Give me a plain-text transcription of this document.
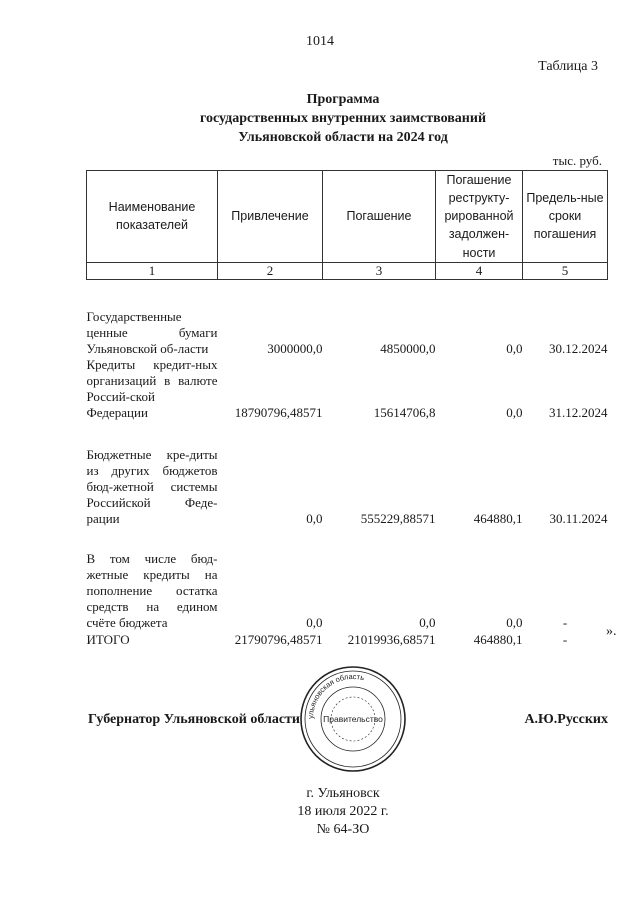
1014
Таблица 3
Программа
государственных внутренних заимствований
Ульяновской области на 2024 год
тыс. руб.
Наименование показателей	Привлечение	Погашение	Погашение реструкту-рированной задолжен-ности	Предель-ные сроки погашения
1	2	3	4	5
Государственные ценные бумаги Ульяновской об-ласти	3000000,0	4850000,0	0,0	30.12.2024
Кредиты кредит-ных организаций в валюте Россий-ской Федерации	18790796,48571	15614706,8	0,0	31.12.2024
Бюджетные кре-диты из других бюджетов бюд-жетной системы Российской Феде-рации	0,0	555229,88571	464880,1	30.11.2024
В том числе бюд-жетные кредиты на пополнение остатка средств на едином счёте бюджета	0,0	0,0	0,0	-
ИТОГО	21790796,48571	21019936,68571	464880,1	-
».
Губернатор Ульяновской области	А.Ю.Русских
ульяновская область
Правительство
г. Ульяновск
18 июля 2022 г.
№ 64-ЗО
